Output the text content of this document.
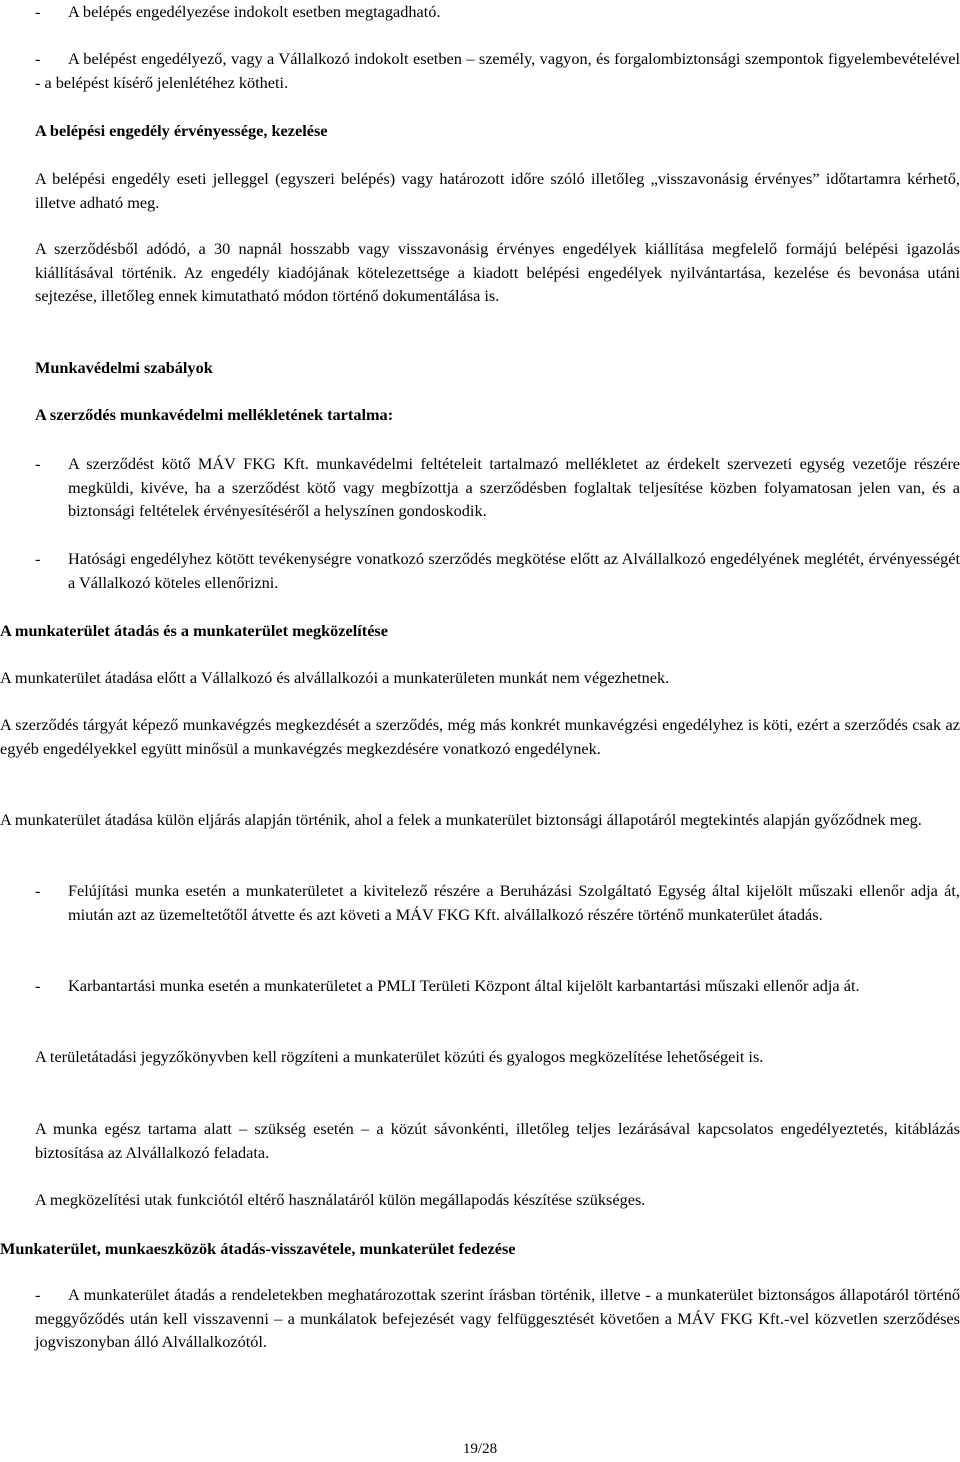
- A belépés engedélyezése indokolt esetben megtagadható.
-	A belépést engedélyező, vagy a Vállalkozó indokolt esetben – személy, vagyon, és forgalombiztonsági szempontok figyelembevételével - a belépést kísérő jelenlétéhez kötheti.
A belépési engedély érvényessége, kezelése
A belépési engedély eseti jelleggel (egyszeri belépés) vagy határozott időre szóló illetőleg „visszavonásig érvényes” időtartamra kérhető, illetve adható meg.
A szerződésből adódó, a 30 napnál hosszabb vagy visszavonásig érvényes engedélyek kiállítása megfelelő formájú belépési igazolás kiállításával történik. Az engedély kiadójának kötelezettsége a kiadott belépési engedélyek nyilvántartása, kezelése és bevonása utáni sejtezése, illetőleg ennek kimutatható módon történő dokumentálása is.
Munkavédelmi szabályok
A szerződés munkavédelmi mellékletének tartalma:
- A szerződést kötő MÁV FKG Kft. munkavédelmi feltételeit tartalmazó mellékletet az érdekelt szervezeti egység vezetője részére megküldi, kivéve, ha a szerződést kötő vagy megbízottja a szerződésben foglaltak teljesítése közben folyamatosan jelen van, és a biztonsági feltételek érvényesítéséről a helyszínen gondoskodik.
- Hatósági engedélyhez kötött tevékenységre vonatkozó szerződés megkötése előtt az Alvállalkozó engedélyének meglétét, érvényességét a Vállalkozó köteles ellenőrizni.
A munkaterület átadás és a munkaterület megközelítése
A munkaterület átadása előtt a Vállalkozó és alvállalkozói a munkaterületen munkát nem végezhetnek.
A szerződés tárgyát képező munkavégzés megkezdését a szerződés, még más konkrét munkavégzési engedélyhez is köti, ezért a szerződés csak az egyéb engedélyekkel együtt minősül a munkavégzés megkezdésére vonatkozó engedélynek.
A munkaterület átadása külön eljárás alapján történik, ahol a felek a munkaterület biztonsági állapotáról megtekintés alapján győződnek meg.
- Felújítási munka esetén a munkaterületet a kivitelező részére a Beruházási Szolgáltató Egység által kijelölt műszaki ellenőr adja át, miután azt az üzemeltetőtől átvette és azt követi a MÁV FKG Kft. alvállalkozó részére történő munkaterület átadás.
- Karbantartási munka esetén a munkaterületet a PMLI Területi Központ által kijelölt karbantartási műszaki ellenőr adja át.
A területátadási jegyzőkönyvben kell rögzíteni a munkaterület közúti és gyalogos megközelítése lehetőségeit is.
A munka egész tartama alatt – szükség esetén – a közút sávonkénti, illetőleg teljes lezárásával kapcsolatos engedélyeztetés, kitáblázás biztosítása az Alvállalkozó feladata.
A megközelítési utak funkciótól eltérő használatáról külön megállapodás készítése szükséges.
Munkaterület, munkaeszközök átadás-visszavétele, munkaterület fedezése
-	A munkaterület átadás a rendeletekben meghatározottak szerint írásban történik, illetve - a munkaterület biztonságos állapotáról történő meggyőződés után kell visszavenni – a munkálatok befejezését vagy felfüggesztését követően a MÁV FKG Kft.-vel közvetlen szerződéses jogviszonyban álló Alvállalkozótól.
19/28
